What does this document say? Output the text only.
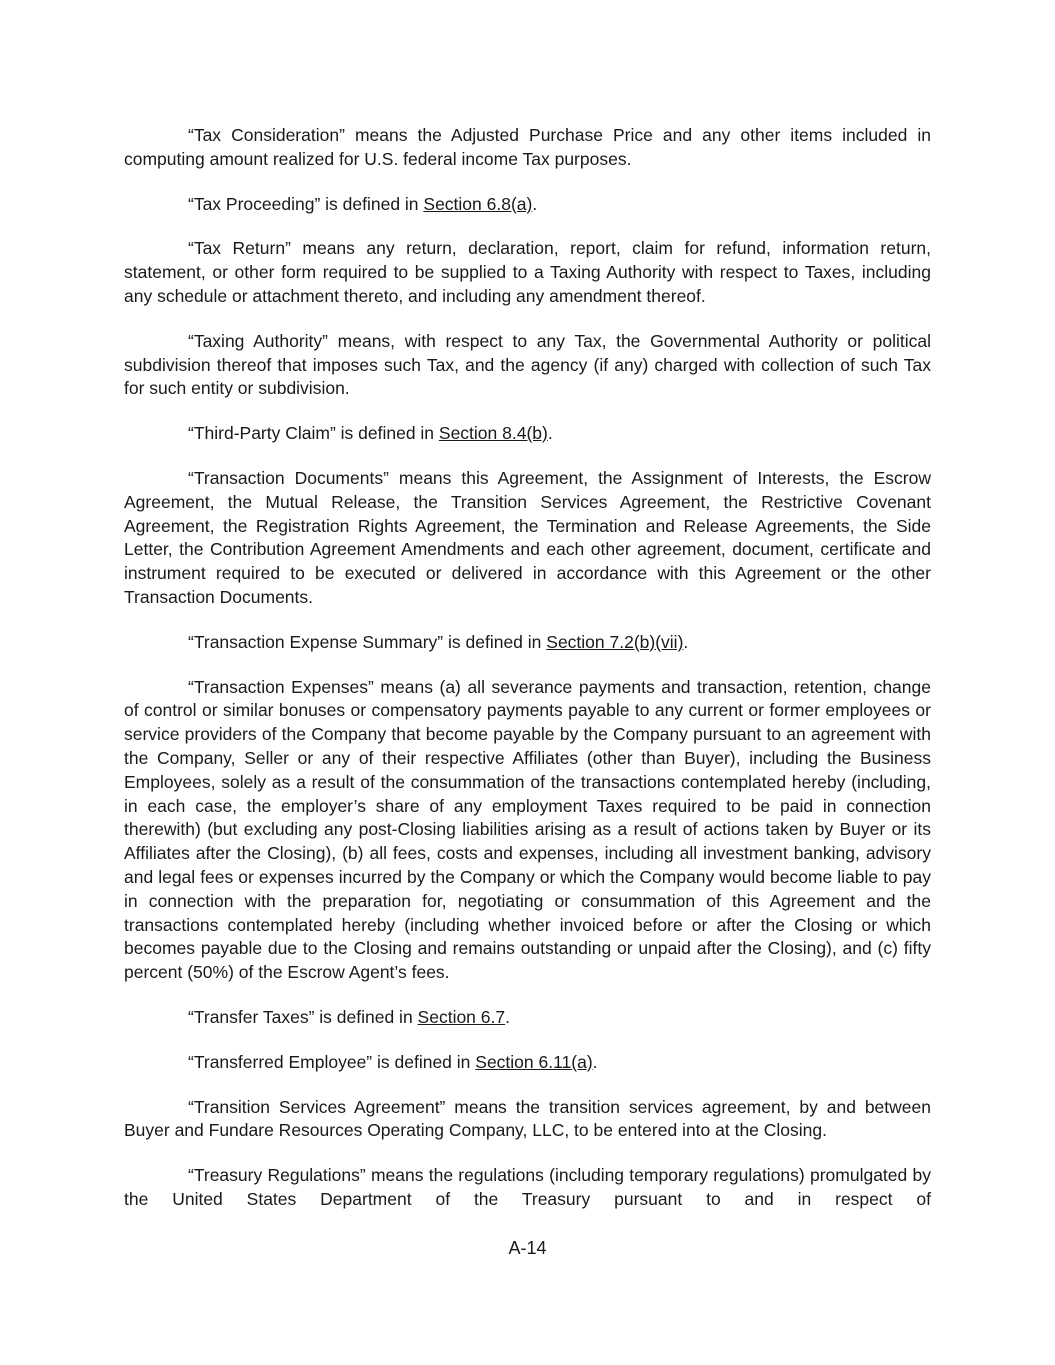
“Tax Consideration” means the Adjusted Purchase Price and any other items included in computing amount realized for U.S. federal income Tax purposes.

“Tax Proceeding” is defined in Section 6.8(a).

“Tax Return” means any return, declaration, report, claim for refund, information return, statement, or other form required to be supplied to a Taxing Authority with respect to Taxes, including any schedule or attachment thereto, and including any amendment thereof.

“Taxing Authority” means, with respect to any Tax, the Governmental Authority or political subdivision thereof that imposes such Tax, and the agency (if any) charged with collection of such Tax for such entity or subdivision.

“Third-Party Claim” is defined in Section 8.4(b).

“Transaction Documents” means this Agreement, the Assignment of Interests, the Escrow Agreement, the Mutual Release, the Transition Services Agreement, the Restrictive Covenant Agreement, the Registration Rights Agreement, the Termination and Release Agreements, the Side Letter, the Contribution Agreement Amendments and each other agreement, document, certificate and instrument required to be executed or delivered in accordance with this Agreement or the other Transaction Documents.

“Transaction Expense Summary” is defined in Section 7.2(b)(vii).

“Transaction Expenses” means (a) all severance payments and transaction, retention, change of control or similar bonuses or compensatory payments payable to any current or former employees or service providers of the Company that become payable by the Company pursuant to an agreement with the Company, Seller or any of their respective Affiliates (other than Buyer), including the Business Employees, solely as a result of the consummation of the transactions contemplated hereby (including, in each case, the employer’s share of any employment Taxes required to be paid in connection therewith) (but excluding any post-Closing liabilities arising as a result of actions taken by Buyer or its Affiliates after the Closing), (b) all fees, costs and expenses, including all investment banking, advisory and legal fees or expenses incurred by the Company or which the Company would become liable to pay in connection with the preparation for, negotiating or consummation of this Agreement and the transactions contemplated hereby (including whether invoiced before or after the Closing or which becomes payable due to the Closing and remains outstanding or unpaid after the Closing), and (c) fifty percent (50%) of the Escrow Agent’s fees.

“Transfer Taxes” is defined in Section 6.7.

“Transferred Employee” is defined in Section 6.11(a).

“Transition Services Agreement” means the transition services agreement, by and between Buyer and Fundare Resources Operating Company, LLC, to be entered into at the Closing.

“Treasury Regulations” means the regulations (including temporary regulations) promulgated by the United States Department of the Treasury pursuant to and in respect of

A-14
